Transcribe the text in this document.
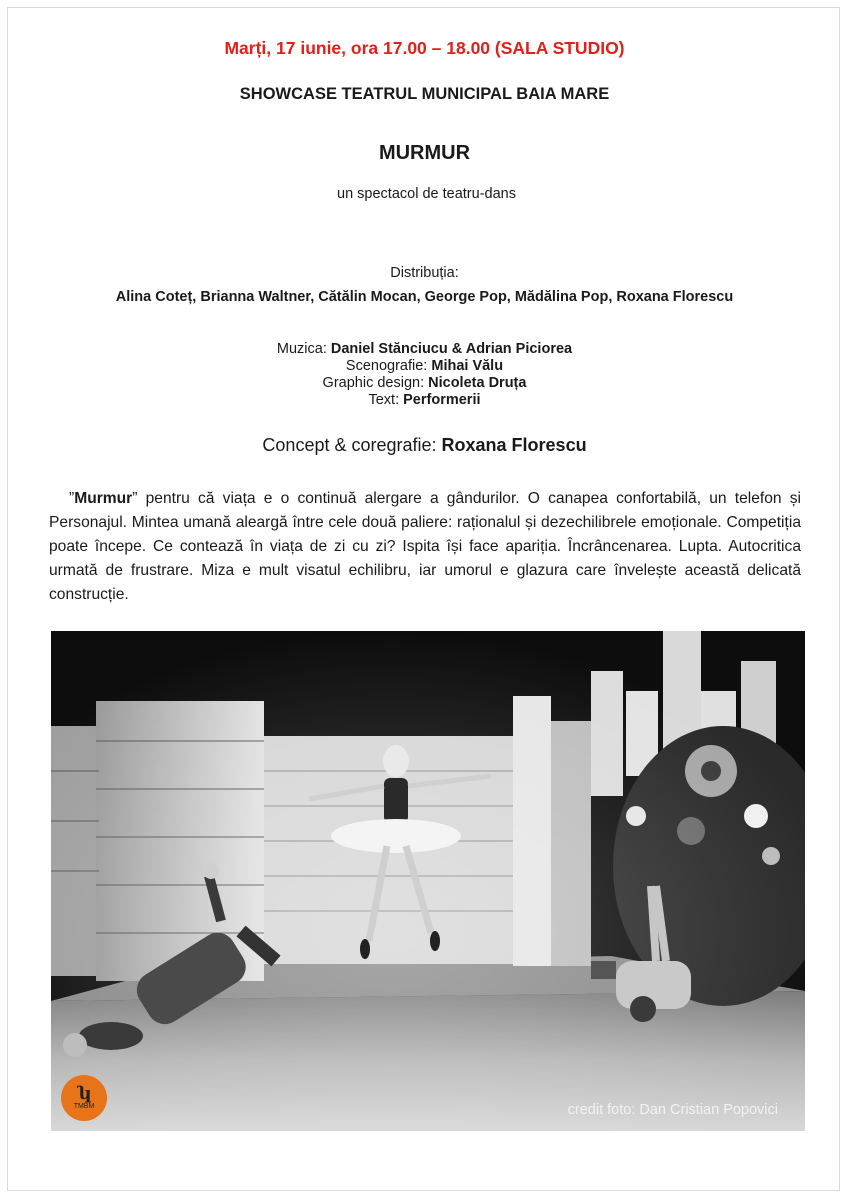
Marți, 17 iunie, ora 17.00 – 18.00 (SALA STUDIO)
SHOWCASE TEATRUL MUNICIPAL BAIA MARE
MURMUR
un spectacol de teatru-dans
Distribuția:
Alina Coteț, Brianna Waltner, Cătălin Mocan, George Pop, Mădălina Pop, Roxana Florescu
Muzica: Daniel Stănciucu & Adrian Piciorea
Scenografie: Mihai Vălu
Graphic design: Nicoleta Druța
Text: Performerii
Concept & coregrafie: Roxana Florescu
”Murmur” pentru că viața e o continuă alergare a gândurilor. O canapea confortabilă, un telefon și Personajul. Mintea umană aleargă între cele două paliere: raționalul și dezechilibrele emoționale. Competiția poate începe. Ce contează în viața de zi cu zi? Ispita își face apariția. Încrâncenarea. Lupta. Autocritica urmată de frustrare. Miza e mult visatul echilibru, iar umorul e glazura care învelește această delicată construcție.
ʮ
TMBM	credit foto: Dan Cristian Popovici
